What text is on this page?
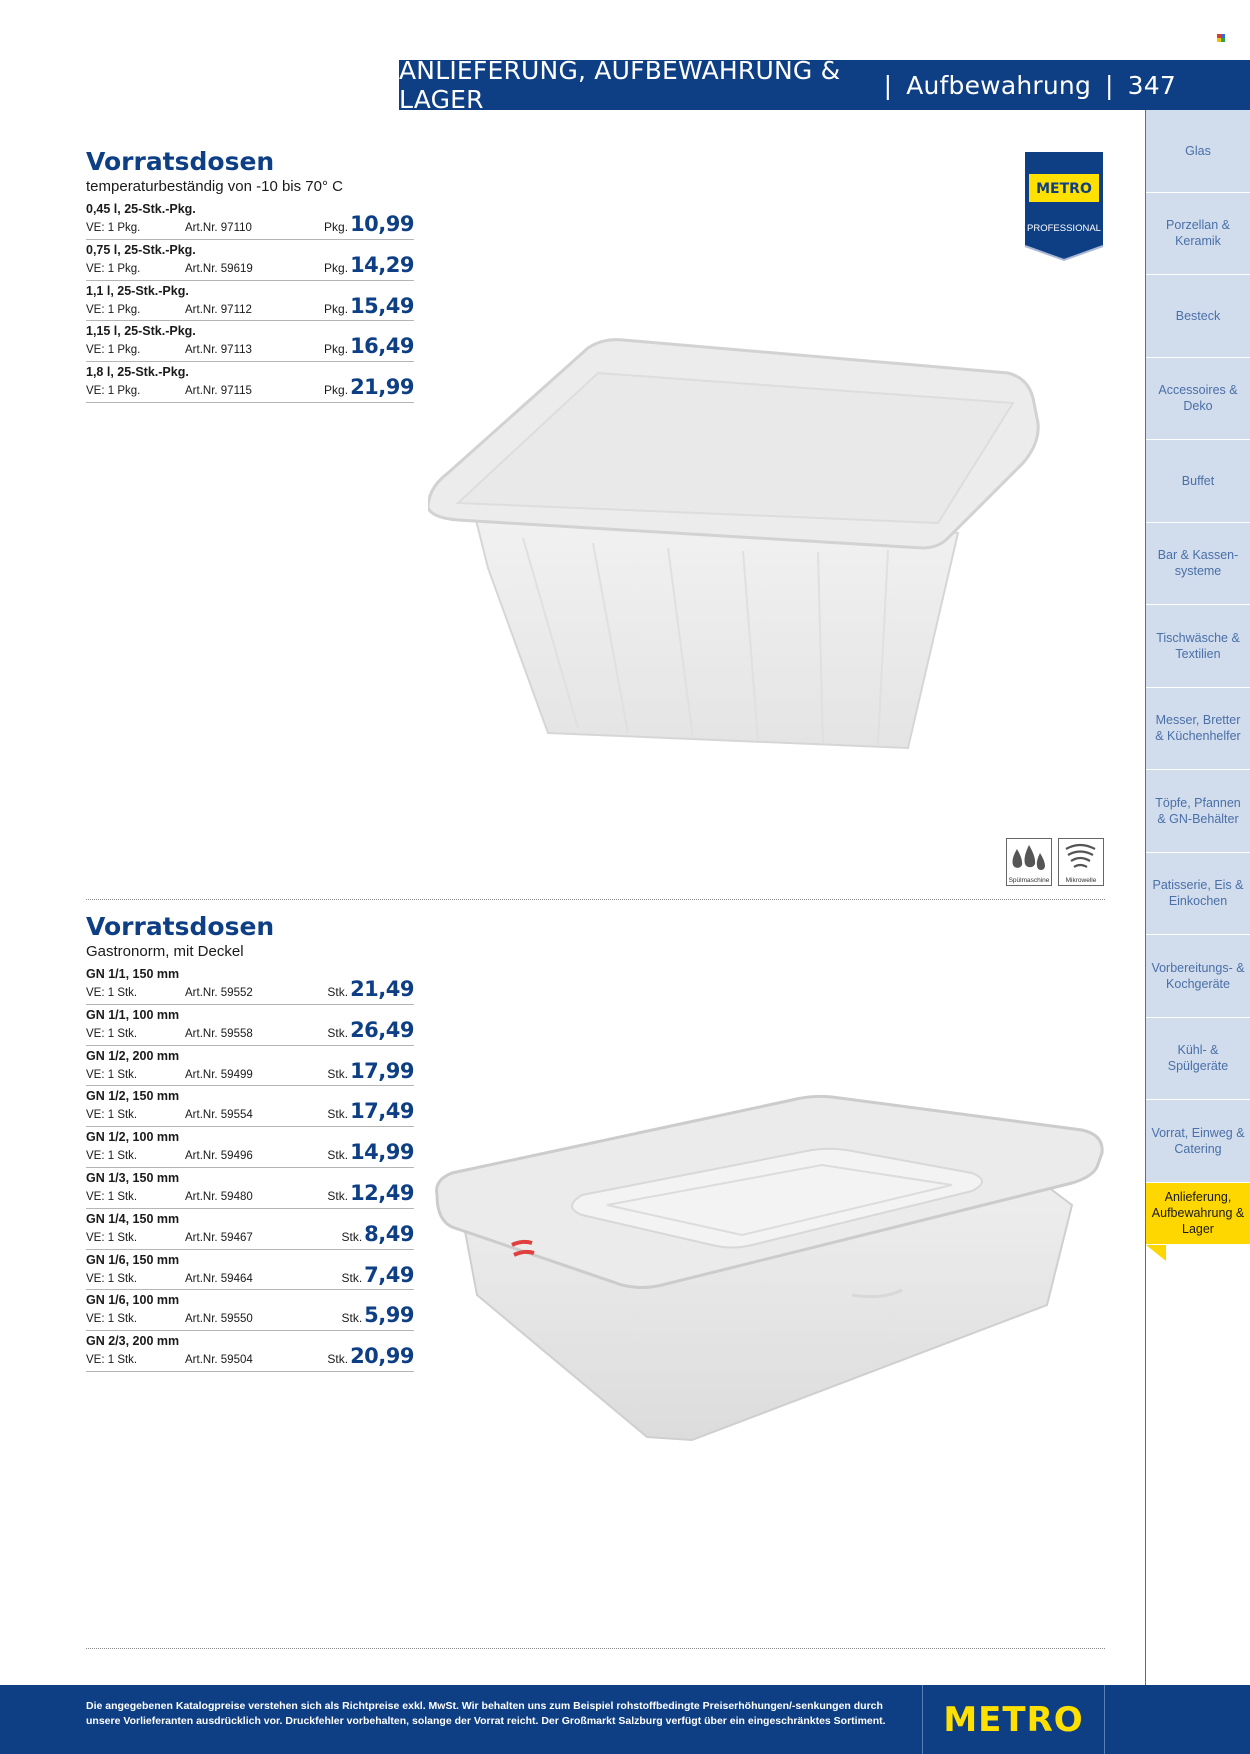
ANLIEFERUNG, AUFBEWAHRUNG & LAGER	| Aufbewahrung | 347
Vorratsdosen
temperaturbeständig von -10 bis 70° C
0,45 l, 25-Stk.-Pkg.
VE: 1 Pkg.	Art.Nr. 97110	Pkg. 10,99
0,75 l, 25-Stk.-Pkg.
VE: 1 Pkg.	Art.Nr. 59619	Pkg. 14,29
1,1 l, 25-Stk.-Pkg.
VE: 1 Pkg.	Art.Nr. 97112	Pkg. 15,49
1,15 l, 25-Stk.-Pkg.
VE: 1 Pkg.	Art.Nr. 97113	Pkg. 16,49
1,8 l, 25-Stk.-Pkg.
VE: 1 Pkg.	Art.Nr. 97115	Pkg. 21,99
METRO
PROFESSIONAL
Spülmaschine	Mikrowelle
Vorratsdosen
Gastronorm, mit Deckel
GN 1/1, 150 mm
VE: 1 Stk.	Art.Nr. 59552	Stk. 21,49
GN 1/1, 100 mm
VE: 1 Stk.	Art.Nr. 59558	Stk. 26,49
GN 1/2, 200 mm
VE: 1 Stk.	Art.Nr. 59499	Stk. 17,99
GN 1/2, 150 mm
VE: 1 Stk.	Art.Nr. 59554	Stk. 17,49
GN 1/2, 100 mm
VE: 1 Stk.	Art.Nr. 59496	Stk. 14,99
GN 1/3, 150 mm
VE: 1 Stk.	Art.Nr. 59480	Stk. 12,49
GN 1/4, 150 mm
VE: 1 Stk.	Art.Nr. 59467	Stk. 8,49
GN 1/6, 150 mm
VE: 1 Stk.	Art.Nr. 59464	Stk. 7,49
GN 1/6, 100 mm
VE: 1 Stk.	Art.Nr. 59550	Stk. 5,99
GN 2/3, 200 mm
VE: 1 Stk.	Art.Nr. 59504	Stk. 20,99
Glas
Porzellan & Keramik
Besteck
Accessoires & Deko
Buffet
Bar & Kassen- systeme
Tischwäsche & Textilien
Messer, Bretter & Küchenhelfer
Töpfe, Pfannen & GN-Behälter
Patisserie, Eis & Einkochen
Vorbereitungs- & Kochgeräte
Kühl- & Spülgeräte
Vorrat, Einweg & Catering
Anlieferung, Aufbewahrung & Lager
Die angegebenen Katalogpreise verstehen sich als Richtpreise exkl. MwSt. Wir behalten uns zum Beispiel rohstoffbedingte Preiserhöhungen/-senkungen durch unsere Vorlieferanten ausdrücklich vor. Druckfehler vorbehalten, solange der Vorrat reicht. Der Großmarkt Salzburg verfügt über ein eingeschränktes Sortiment.	METRO
